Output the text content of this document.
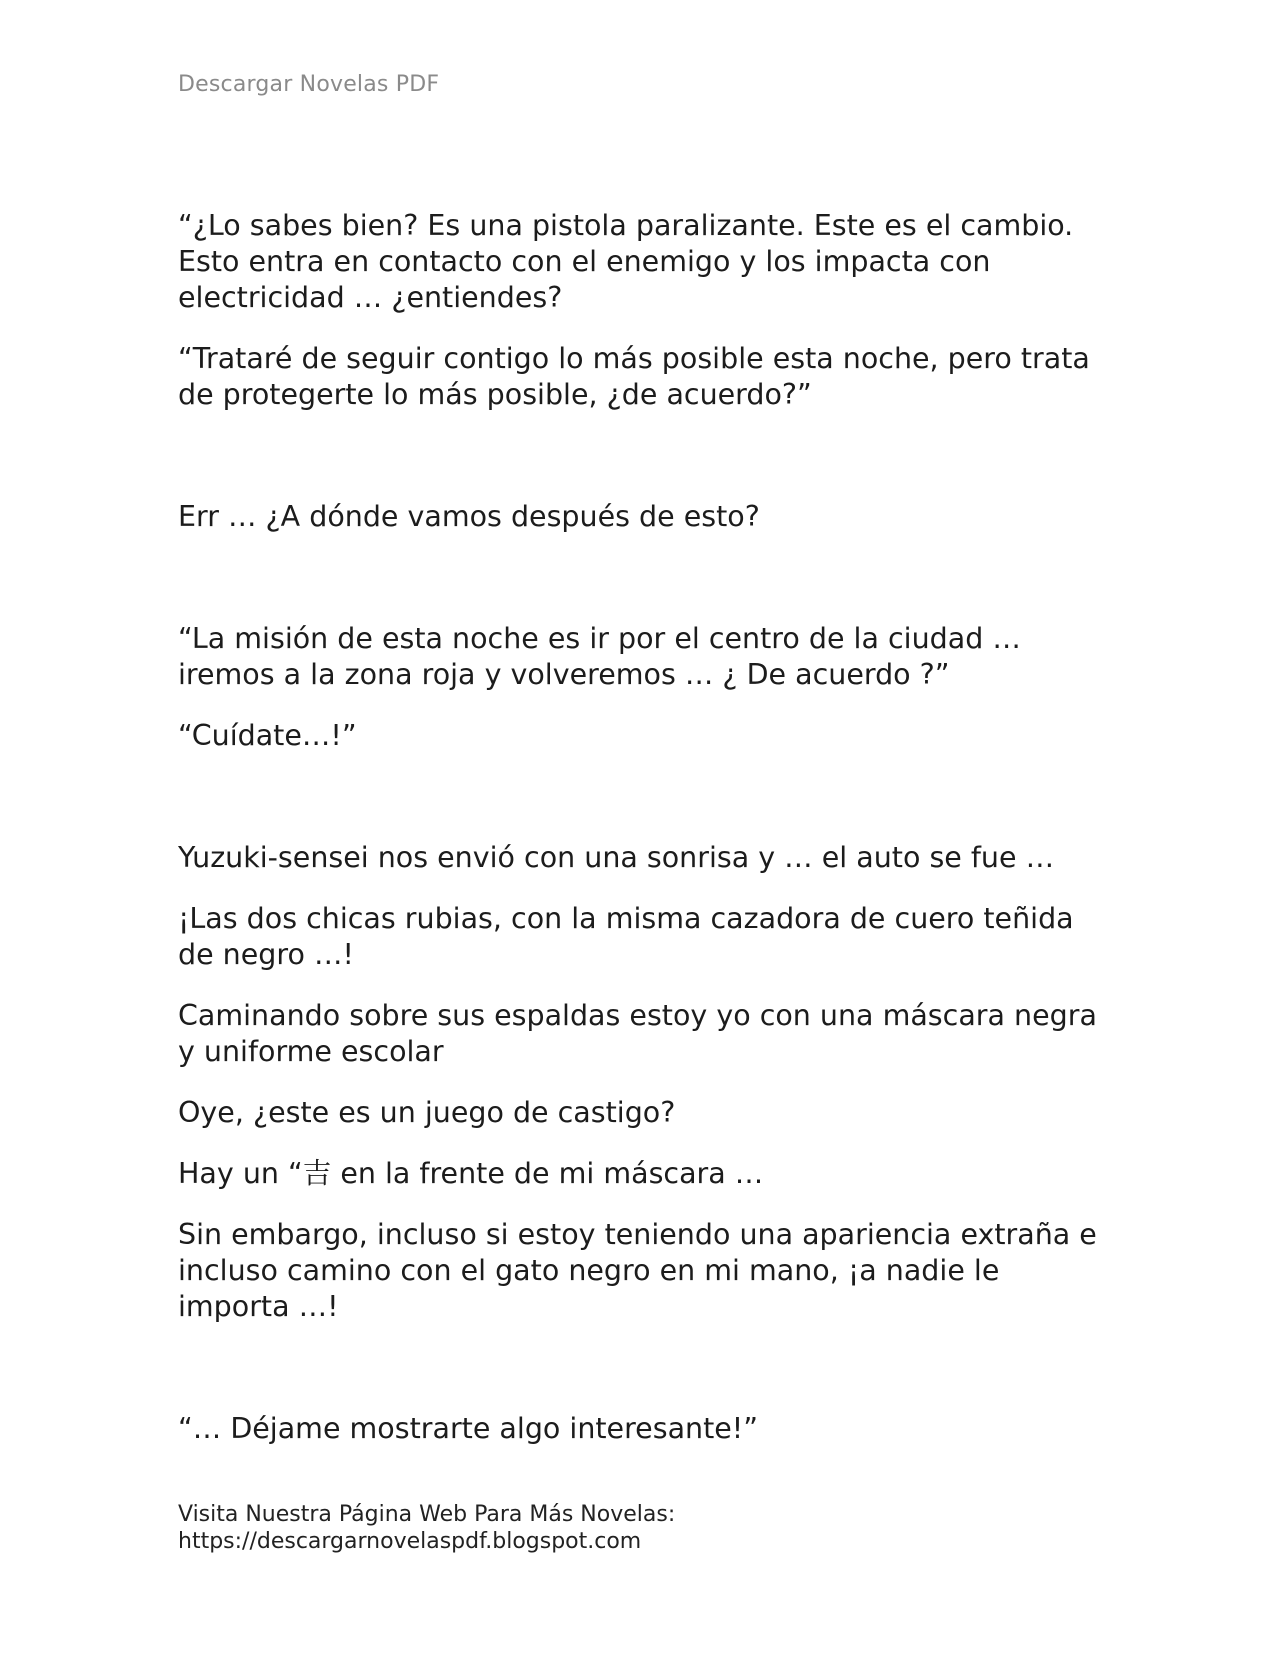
Descargar Novelas PDF

“¿Lo sabes bien? Es una pistola paralizante. Este es el cambio. Esto entra en contacto con el enemigo y los impacta con electricidad … ¿entiendes?

“Trataré de seguir contigo lo más posible esta noche, pero trata de protegerte lo más posible, ¿de acuerdo?”

Err … ¿A dónde vamos después de esto?

“La misión de esta noche es ir por el centro de la ciudad … iremos a la zona roja y volveremos … ¿ De acuerdo ?”

“Cuídate…!”

Yuzuki-sensei nos envió con una sonrisa y … el auto se fue …

¡Las dos chicas rubias, con la misma cazadora de cuero teñida de negro …!

Caminando sobre sus espaldas estoy yo con una máscara negra y uniforme escolar

Oye, ¿este es un juego de castigo?

Hay un “吉 en la frente de mi máscara …

Sin embargo, incluso si estoy teniendo una apariencia extraña e incluso camino con el gato negro en mi mano, ¡a nadie le importa …!

“… Déjame mostrarte algo interesante!”

Visita Nuestra Página Web Para Más Novelas:
https://descargarnovelaspdf.blogspot.com
